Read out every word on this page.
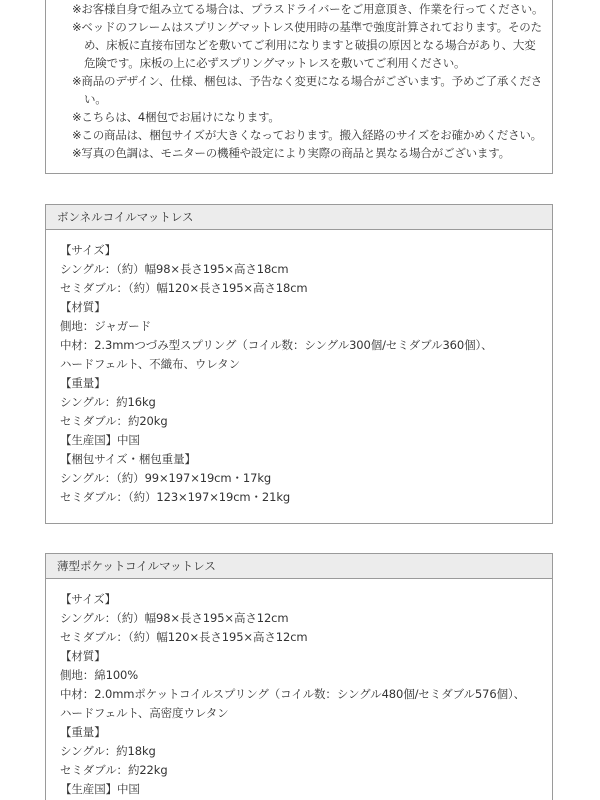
※お客様自身で組み立てる場合は、プラスドライバーをご用意頂き、作業を行ってください。
※ベッドのフレームはスプリングマットレス使用時の基準で強度計算されております。そのため、床板に直接布団などを敷いてご利用になりますと破損の原因となる場合があり、大変危険です。床板の上に必ずスプリングマットレスを敷いてご利用ください。
※商品のデザイン、仕様、梱包は、予告なく変更になる場合がございます。予めご了承ください。
※こちらは、4梱包でお届けになります。
※この商品は、梱包サイズが大きくなっております。搬入経路のサイズをお確かめください。
※写真の色調は、モニターの機種や設定により実際の商品と異なる場合がございます。
ボンネルコイルマットレス
【サイズ】
シングル：（約）幅98×長さ195×高さ18cm
セミダブル：（約）幅120×長さ195×高さ18cm
【材質】
側地：ジャガード
中材：2.3mmつづみ型スプリング（コイル数：シングル300個/セミダブル360個）、
ハードフェルト、不織布、ウレタン
【重量】
シングル：約16kg
セミダブル：約20kg
【生産国】中国
【梱包サイズ・梱包重量】
シングル：（約）99×197×19cm・17kg
セミダブル：（約）123×197×19cm・21kg
薄型ポケットコイルマットレス
【サイズ】
シングル：（約）幅98×長さ195×高さ12cm
セミダブル：（約）幅120×長さ195×高さ12cm
【材質】
側地：綿100%
中材：2.0mmポケットコイルスプリング（コイル数：シングル480個/セミダブル576個）、
ハードフェルト、高密度ウレタン
【重量】
シングル：約18kg
セミダブル：約22kg
【生産国】中国
